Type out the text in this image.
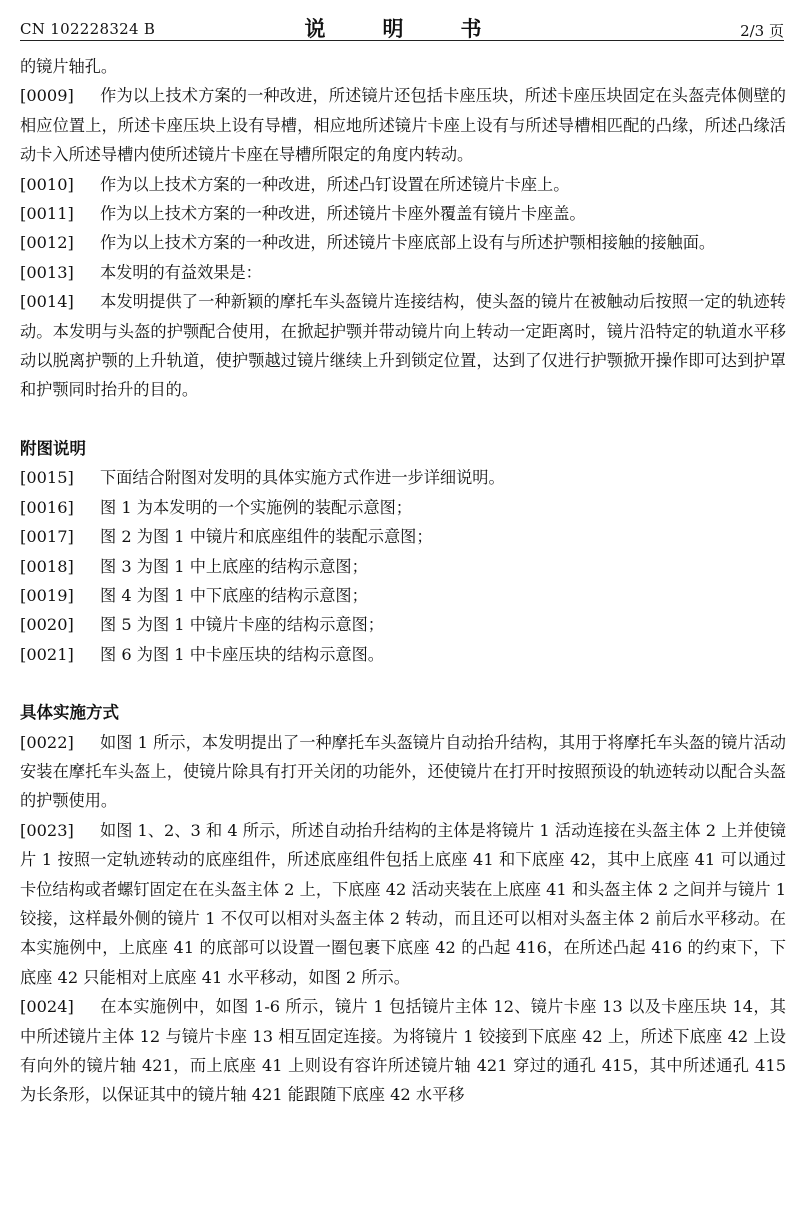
CN 102228324 B	说　明　书	2/3 页

的镜片轴孔。

[0009] 作为以上技术方案的一种改进，所述镜片还包括卡座压块，所述卡座压块固定在头盔壳体侧壁的相应位置上，所述卡座压块上设有导槽，相应地所述镜片卡座上设有与所述导槽相匹配的凸缘，所述凸缘活动卡入所述导槽内使所述镜片卡座在导槽所限定的角度内转动。

[0010] 作为以上技术方案的一种改进，所述凸钉设置在所述镜片卡座上。

[0011] 作为以上技术方案的一种改进，所述镜片卡座外覆盖有镜片卡座盖。

[0012] 作为以上技术方案的一种改进，所述镜片卡座底部上设有与所述护颚相接触的接触面。

[0013] 本发明的有益效果是：

[0014] 本发明提供了一种新颖的摩托车头盔镜片连接结构，使头盔的镜片在被触动后按照一定的轨迹转动。本发明与头盔的护颚配合使用，在掀起护颚并带动镜片向上转动一定距离时，镜片沿特定的轨道水平移动以脱离护颚的上升轨道，使护颚越过镜片继续上升到锁定位置，达到了仅进行护颚掀开操作即可达到护罩和护颚同时抬升的目的。

附图说明

[0015] 下面结合附图对发明的具体实施方式作进一步详细说明。

[0016] 图 1 为本发明的一个实施例的装配示意图；

[0017] 图 2 为图 1 中镜片和底座组件的装配示意图；

[0018] 图 3 为图 1 中上底座的结构示意图；

[0019] 图 4 为图 1 中下底座的结构示意图；

[0020] 图 5 为图 1 中镜片卡座的结构示意图；

[0021] 图 6 为图 1 中卡座压块的结构示意图。

具体实施方式

[0022] 如图 1 所示，本发明提出了一种摩托车头盔镜片自动抬升结构，其用于将摩托车头盔的镜片活动安装在摩托车头盔上，使镜片除具有打开关闭的功能外，还使镜片在打开时按照预设的轨迹转动以配合头盔的护颚使用。

[0023] 如图 1、2、3 和 4 所示，所述自动抬升结构的主体是将镜片 1 活动连接在头盔主体 2 上并使镜片 1 按照一定轨迹转动的底座组件，所述底座组件包括上底座 41 和下底座 42，其中上底座 41 可以通过卡位结构或者螺钉固定在在头盔主体 2 上，下底座 42 活动夹装在上底座 41 和头盔主体 2 之间并与镜片 1 铰接，这样最外侧的镜片 1 不仅可以相对头盔主体 2 转动，而且还可以相对头盔主体 2 前后水平移动。在本实施例中，上底座 41 的底部可以设置一圈包裹下底座 42 的凸起 416，在所述凸起 416 的约束下，下底座 42 只能相对上底座 41 水平移动，如图 2 所示。

[0024] 在本实施例中，如图 1-6 所示，镜片 1 包括镜片主体 12、镜片卡座 13 以及卡座压块 14，其中所述镜片主体 12 与镜片卡座 13 相互固定连接。为将镜片 1 铰接到下底座 42 上，所述下底座 42 上设有向外的镜片轴 421，而上底座 41 上则设有容许所述镜片轴 421 穿过的通孔 415，其中所述通孔 415 为长条形，以保证其中的镜片轴 421 能跟随下底座 42 水平移
